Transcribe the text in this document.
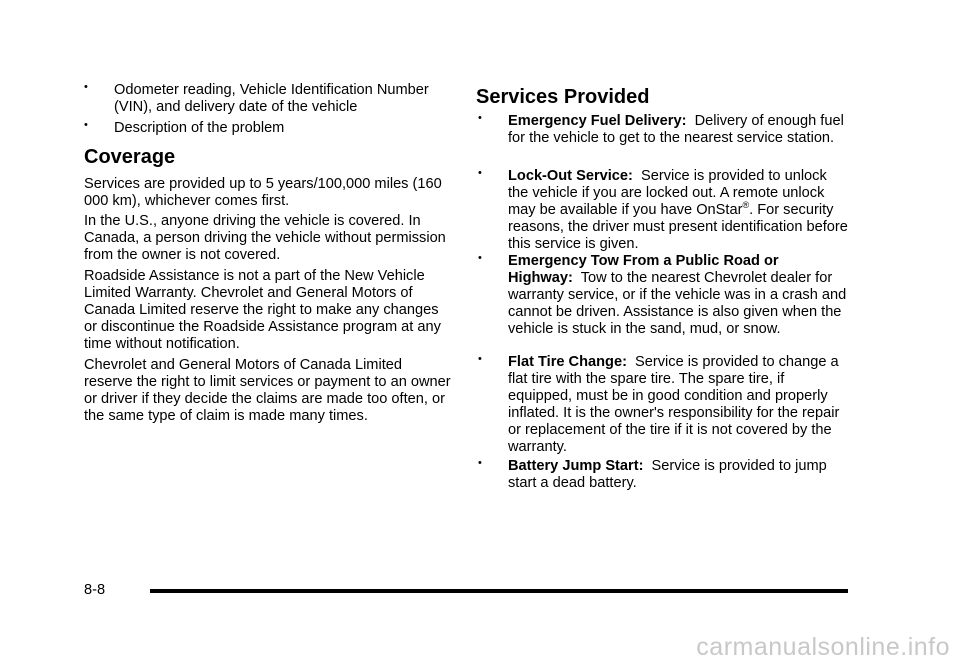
• Odometer reading, Vehicle Identification Number (VIN), and delivery date of the vehicle
• Description of the problem
Coverage

Services are provided up to 5 years/100,000 miles (160 000 km), whichever comes first.

In the U.S., anyone driving the vehicle is covered. In Canada, a person driving the vehicle without permission from the owner is not covered.

Roadside Assistance is not a part of the New Vehicle Limited Warranty. Chevrolet and General Motors of Canada Limited reserve the right to make any changes or discontinue the Roadside Assistance program at any time without notification.

Chevrolet and General Motors of Canada Limited reserve the right to limit services or payment to an owner or driver if they decide the claims are made too often, or the same type of claim is made many times.

Services Provided
• Emergency Fuel Delivery: Delivery of enough fuel for the vehicle to get to the nearest service station.
• Lock-Out Service: Service is provided to unlock the vehicle if you are locked out. A remote unlock may be available if you have OnStar®. For security reasons, the driver must present identification before this service is given.
• Emergency Tow From a Public Road or Highway: Tow to the nearest Chevrolet dealer for warranty service, or if the vehicle was in a crash and cannot be driven. Assistance is also given when the vehicle is stuck in the sand, mud, or snow.
• Flat Tire Change: Service is provided to change a flat tire with the spare tire. The spare tire, if equipped, must be in good condition and properly inflated. It is the owner's responsibility for the repair or replacement of the tire if it is not covered by the warranty.
• Battery Jump Start: Service is provided to jump start a dead battery.
8-8
carmanualsonline.info
